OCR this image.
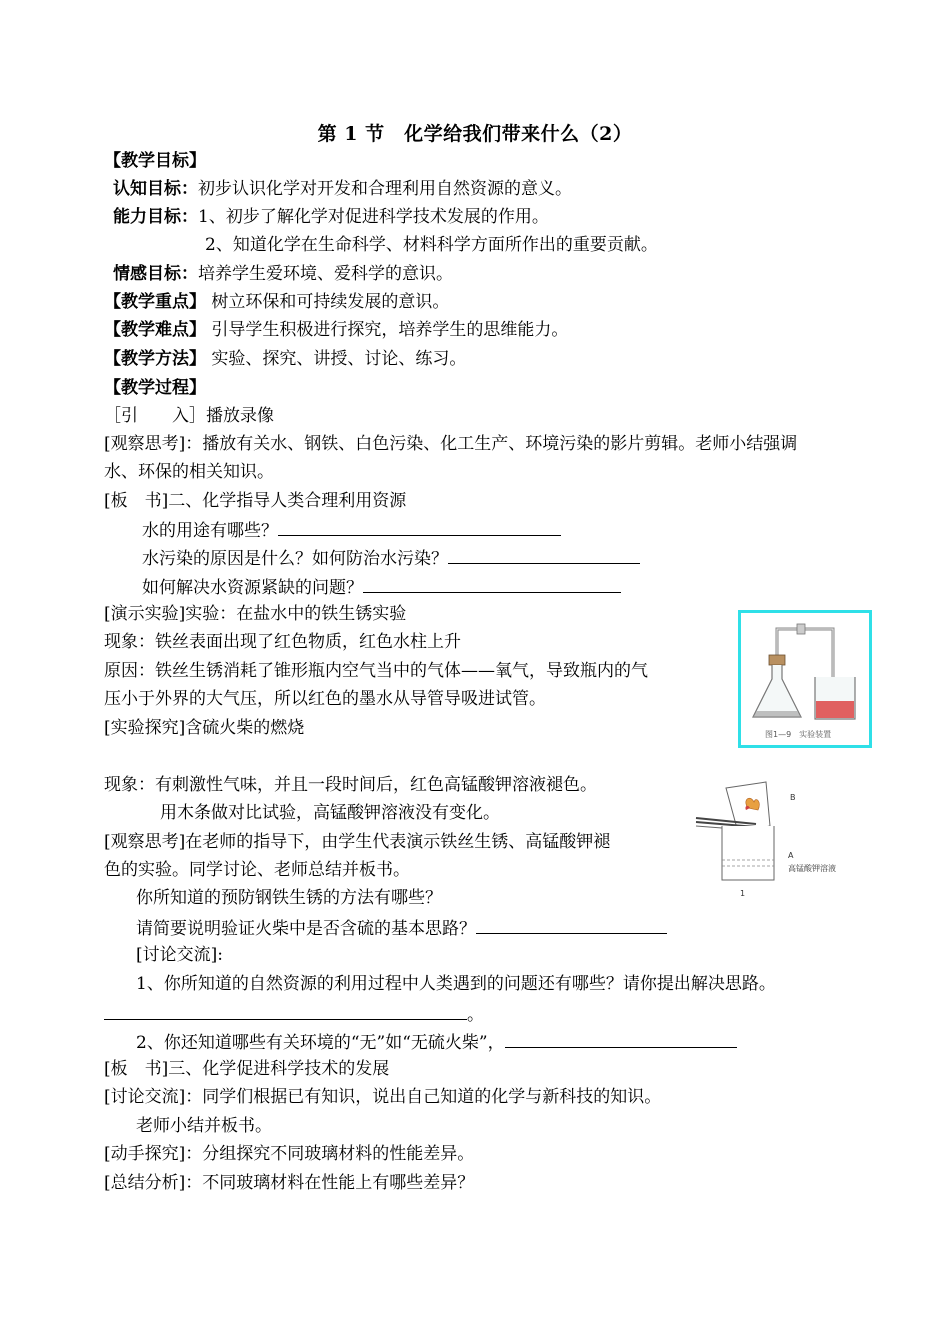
第 1 节　化学给我们带来什么（2）
【教学目标】
认知目标：初步认识化学对开发和合理利用自然资源的意义。
能力目标：1、初步了解化学对促进科学技术发展的作用。
2、知道化学在生命科学、材料科学方面所作出的重要贡献。
情感目标：培养学生爱环境、爱科学的意识。
【教学重点】 树立环保和可持续发展的意识。
【教学难点】 引导学生积极进行探究，培养学生的思维能力。
【教学方法】 实验、探究、讲授、讨论、练习。
【教学过程】
［引　　入］播放录像
[观察思考]：播放有关水、钢铁、白色污染、化工生产、环境污染的影片剪辑。老师小结强调
水、环保的相关知识。
[板　书]二、化学指导人类合理利用资源
水的用途有哪些？
水污染的原因是什么？如何防治水污染？
如何解决水资源紧缺的问题？
[演示实验]实验：在盐水中的铁生锈实验
现象：铁丝表面出现了红色物质，红色水柱上升
原因：铁丝生锈消耗了锥形瓶内空气当中的气体——氧气，导致瓶内的气
压小于外界的大气压，所以红色的墨水从导管导吸进试管。
[实验探究]含硫火柴的燃烧
现象：有刺激性气味，并且一段时间后，红色高锰酸钾溶液褪色。
用木条做对比试验，高锰酸钾溶液没有变化。
[观察思考]在老师的指导下，由学生代表演示铁丝生锈、高锰酸钾褪
色的实验。同学讨论、老师总结并板书。
你所知道的预防钢铁生锈的方法有哪些？
请简要说明验证火柴中是否含硫的基本思路？
[讨论交流]:
1、你所知道的自然资源的利用过程中人类遇到的问题还有哪些？请你提出解决思路。
。
2、你还知道哪些有关环境的“无”如“无硫火柴”，
[板　书]三、化学促进科学技术的发展
[讨论交流]：同学们根据已有知识，说出自己知道的化学与新科技的知识。
老师小结并板书。
[动手探究]：分组探究不同玻璃材料的性能差异。
[总结分析]：不同玻璃材料在性能上有哪些差异？
图1—9　实验装置
B
A
高锰酸钾溶液
1
